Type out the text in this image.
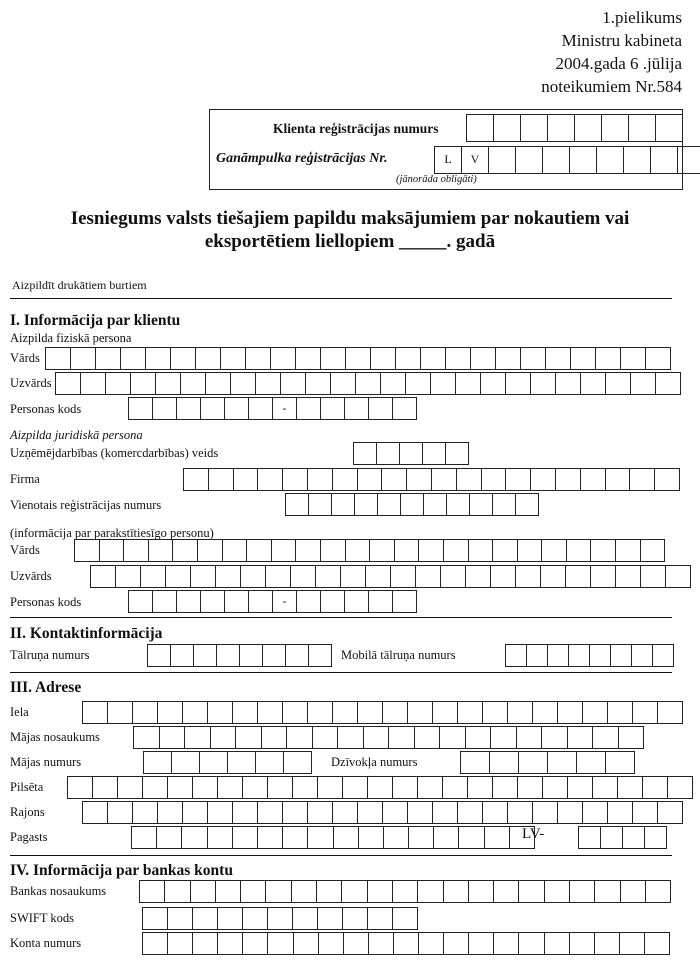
1.pielikums
Ministru kabineta
2004.gada 6 .jūlija
noteikumiem Nr.584
Klienta reģistrācijas numurs
Ganāmpulka reģistrācijas Nr.	L	V
(jānorāda obligāti)
Iesniegums valsts tiešajiem papildu maksājumiem par nokautiem vai
eksportētiem liellopiem _____. gadā
Aizpildīt drukātiem burtiem
I. Informācija par klientu
Aizpilda fiziskā persona
Vārds
Uzvārds
Personas kods	-
Aizpilda juridiskā persona
Uzņēmējdarbības (komercdarbības) veids
Firma
Vienotais reģistrācijas numurs
(informācija par parakstītiesīgo personu)
Vārds
Uzvārds
Personas kods	-
II. Kontaktinformācija
Tālruņa numurs	Mobilā tālruņa numurs
III. Adrese
Iela
Mājas nosaukums
Mājas numurs	Dzīvokļa numurs
Pilsēta
Rajons
Pagasts	LV-
IV. Informācija par bankas kontu
Bankas nosaukums
SWIFT kods
Konta numurs
